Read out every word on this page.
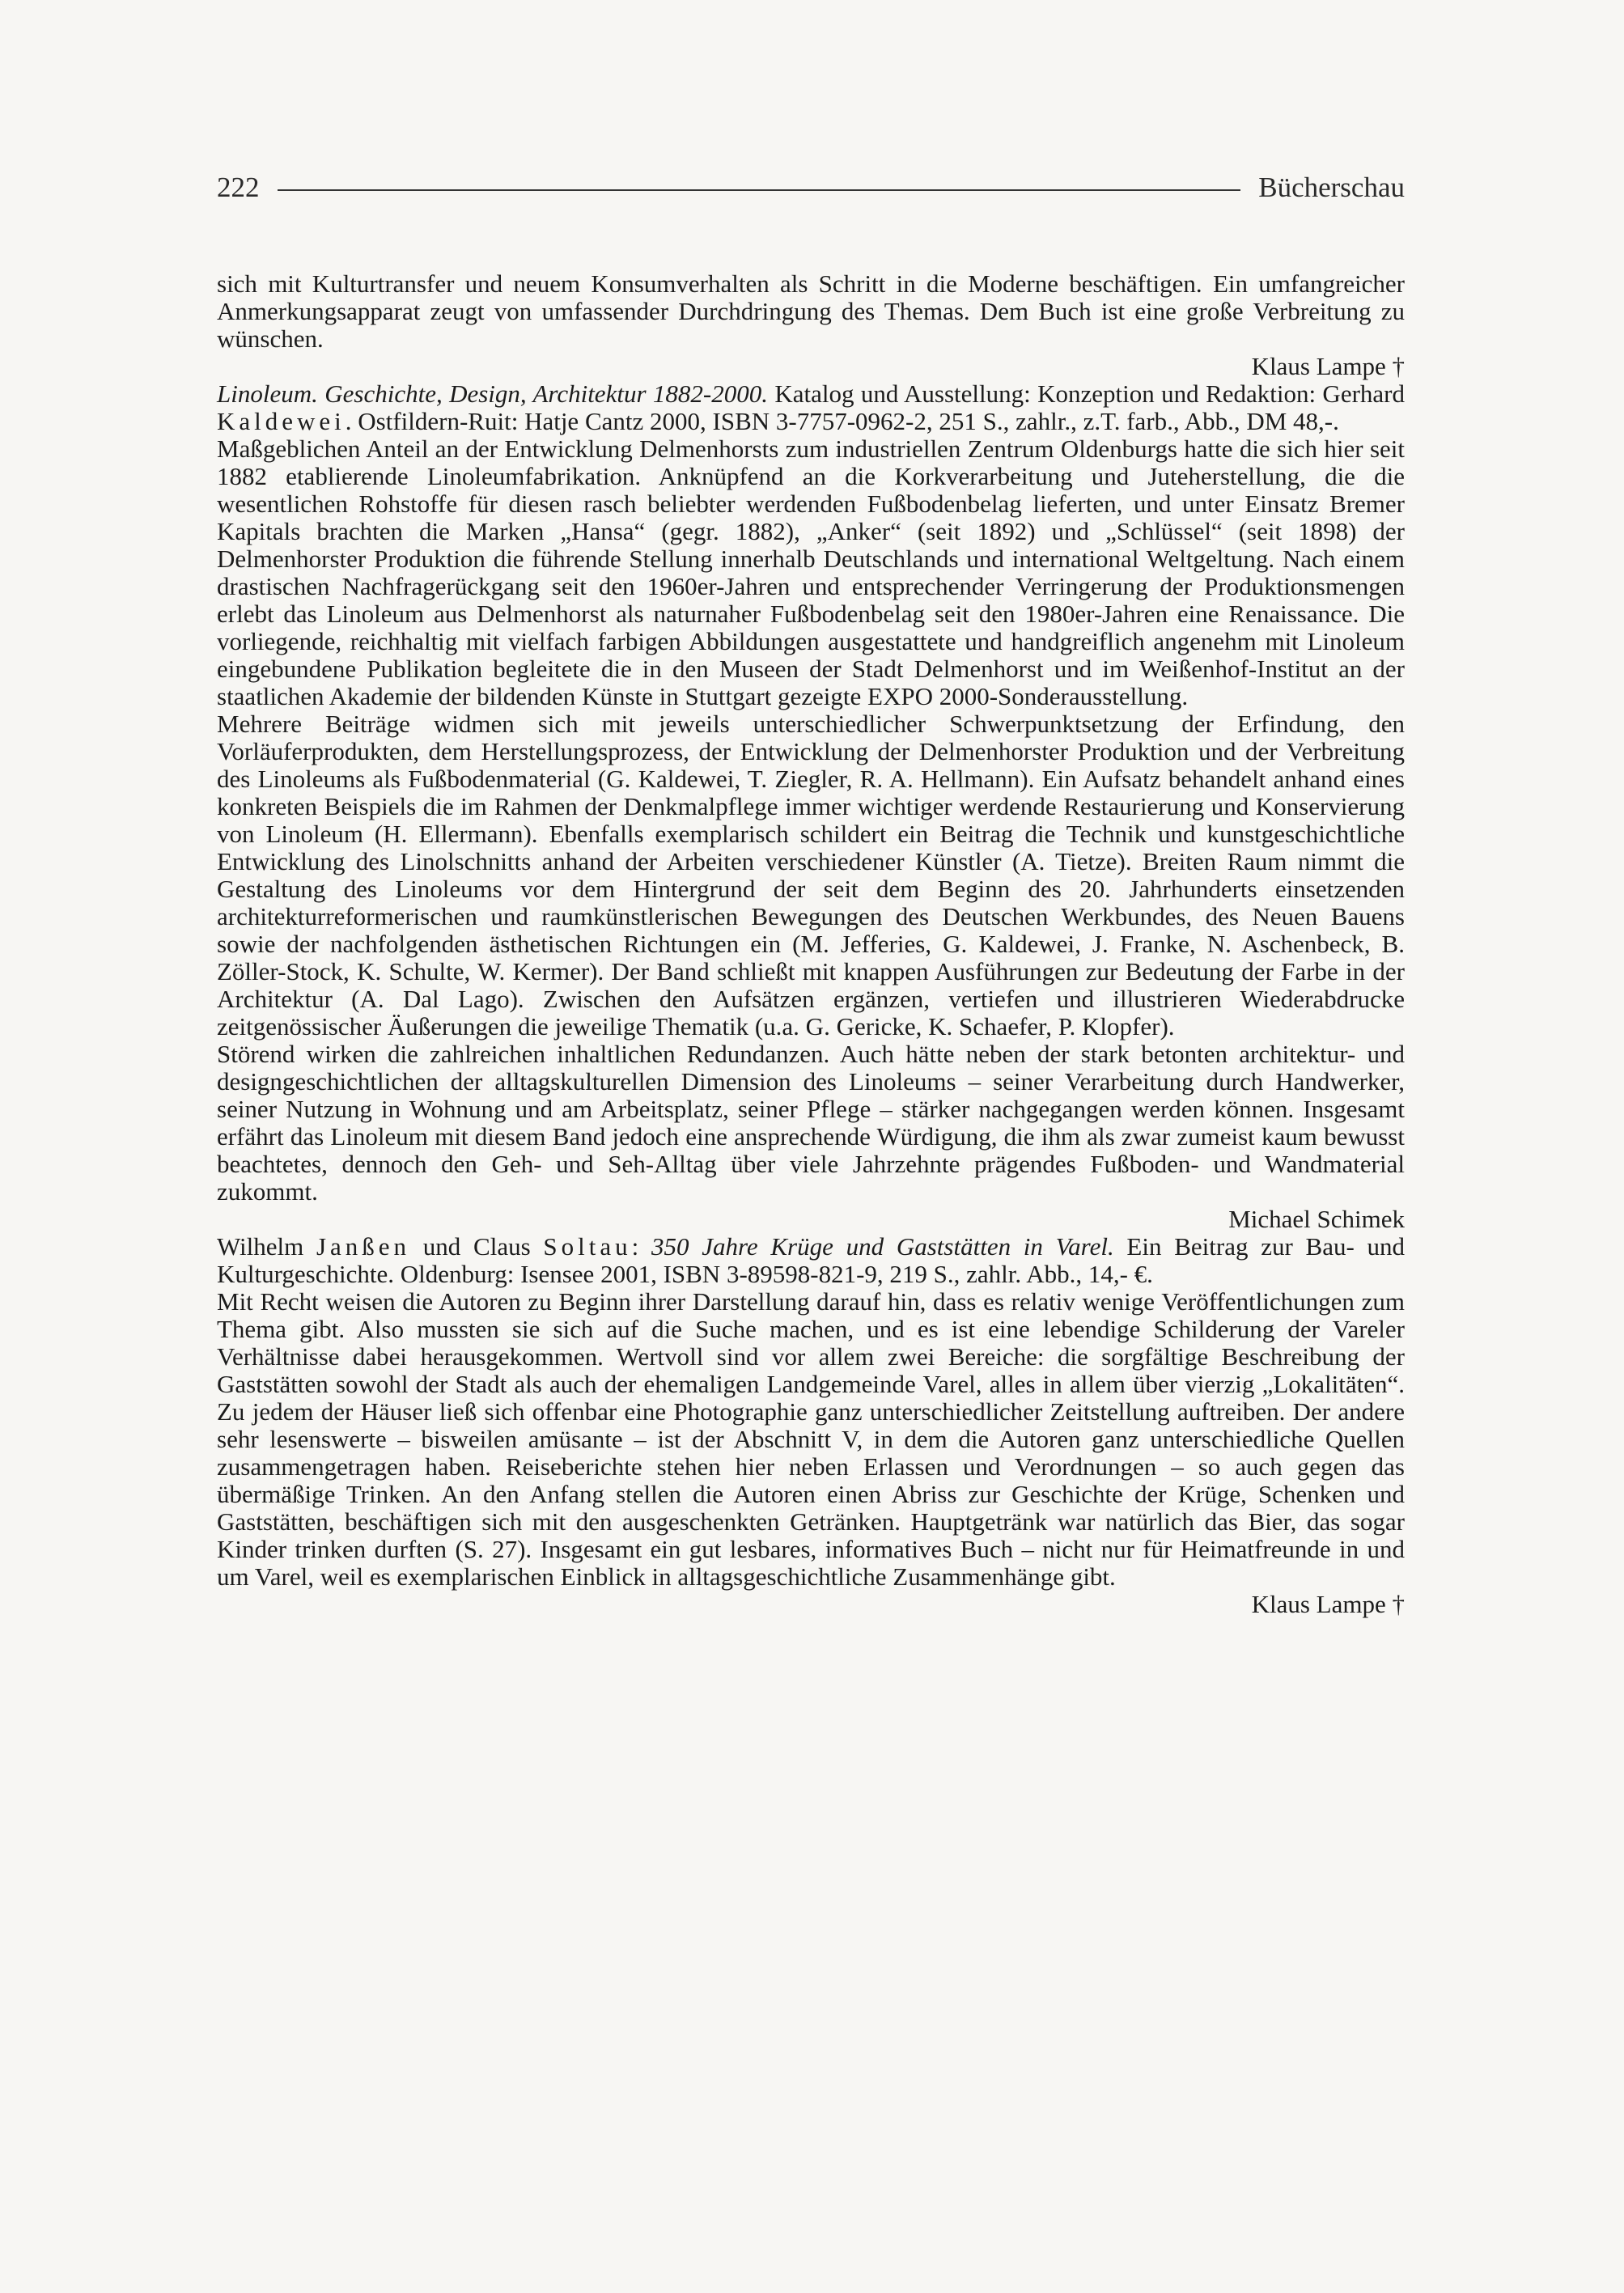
222	Bücherschau

sich mit Kulturtransfer und neuem Konsumverhalten als Schritt in die Moderne beschäftigen. Ein umfangreicher Anmerkungsapparat zeugt von umfassender Durchdringung des Themas. Dem Buch ist eine große Verbreitung zu wünschen.

Klaus Lampe †

Linoleum. Geschichte, Design, Architektur 1882-2000. Katalog und Ausstellung: Konzeption und Redaktion: Gerhard Kaldewei. Ostfildern-Ruit: Hatje Cantz 2000, ISBN 3-7757-0962-2, 251 S., zahlr., z.T. farb., Abb., DM 48,-.

Maßgeblichen Anteil an der Entwicklung Delmenhorsts zum industriellen Zentrum Oldenburgs hatte die sich hier seit 1882 etablierende Linoleumfabrikation. Anknüpfend an die Korkverarbeitung und Juteherstellung, die die wesentlichen Rohstoffe für diesen rasch beliebter werdenden Fußbodenbelag lieferten, und unter Einsatz Bremer Kapitals brachten die Marken „Hansa“ (gegr. 1882), „Anker“ (seit 1892) und „Schlüssel“ (seit 1898) der Delmenhorster Produktion die führende Stellung innerhalb Deutschlands und international Weltgeltung. Nach einem drastischen Nachfragerückgang seit den 1960er-Jahren und entsprechender Verringerung der Produktionsmengen erlebt das Linoleum aus Delmenhorst als naturnaher Fußbodenbelag seit den 1980er-Jahren eine Renaissance. Die vorliegende, reichhaltig mit vielfach farbigen Abbildungen ausgestattete und handgreiflich angenehm mit Linoleum eingebundene Publikation begleitete die in den Museen der Stadt Delmenhorst und im Weißenhof-Institut an der staatlichen Akademie der bildenden Künste in Stuttgart gezeigte EXPO 2000-Sonderausstellung.

Mehrere Beiträge widmen sich mit jeweils unterschiedlicher Schwerpunktsetzung der Erfindung, den Vorläuferprodukten, dem Herstellungsprozess, der Entwicklung der Delmenhorster Produktion und der Verbreitung des Linoleums als Fußbodenmaterial (G. Kaldewei, T. Ziegler, R. A. Hellmann). Ein Aufsatz behandelt anhand eines konkreten Beispiels die im Rahmen der Denkmalpflege immer wichtiger werdende Restaurierung und Konservierung von Linoleum (H. Ellermann). Ebenfalls exemplarisch schildert ein Beitrag die Technik und kunstgeschichtliche Entwicklung des Linolschnitts anhand der Arbeiten verschiedener Künstler (A. Tietze). Breiten Raum nimmt die Gestaltung des Linoleums vor dem Hintergrund der seit dem Beginn des 20. Jahrhunderts einsetzenden architekturreformerischen und raumkünstlerischen Bewegungen des Deutschen Werkbundes, des Neuen Bauens sowie der nachfolgenden ästhetischen Richtungen ein (M. Jefferies, G. Kaldewei, J. Franke, N. Aschenbeck, B. Zöller-Stock, K. Schulte, W. Kermer). Der Band schließt mit knappen Ausführungen zur Bedeutung der Farbe in der Architektur (A. Dal Lago). Zwischen den Aufsätzen ergänzen, vertiefen und illustrieren Wiederabdrucke zeitgenössischer Äußerungen die jeweilige Thematik (u.a. G. Gericke, K. Schaefer, P. Klopfer).

Störend wirken die zahlreichen inhaltlichen Redundanzen. Auch hätte neben der stark betonten architektur- und designgeschichtlichen der alltagskulturellen Dimension des Linoleums – seiner Verarbeitung durch Handwerker, seiner Nutzung in Wohnung und am Arbeitsplatz, seiner Pflege – stärker nachgegangen werden können. Insgesamt erfährt das Linoleum mit diesem Band jedoch eine ansprechende Würdigung, die ihm als zwar zumeist kaum bewusst beachtetes, dennoch den Geh- und Seh-Alltag über viele Jahrzehnte prägendes Fußboden- und Wandmaterial zukommt.

Michael Schimek

Wilhelm Janßen und Claus Soltau: 350 Jahre Krüge und Gaststätten in Varel. Ein Beitrag zur Bau- und Kulturgeschichte. Oldenburg: Isensee 2001, ISBN 3-89598-821-9, 219 S., zahlr. Abb., 14,- €.

Mit Recht weisen die Autoren zu Beginn ihrer Darstellung darauf hin, dass es relativ wenige Veröffentlichungen zum Thema gibt. Also mussten sie sich auf die Suche machen, und es ist eine lebendige Schilderung der Vareler Verhältnisse dabei herausgekommen. Wertvoll sind vor allem zwei Bereiche: die sorgfältige Beschreibung der Gaststätten sowohl der Stadt als auch der ehemaligen Landgemeinde Varel, alles in allem über vierzig „Lokalitäten“. Zu jedem der Häuser ließ sich offenbar eine Photographie ganz unterschiedlicher Zeitstellung auftreiben. Der andere sehr lesenswerte – bisweilen amüsante – ist der Abschnitt V, in dem die Autoren ganz unterschiedliche Quellen zusammengetragen haben. Reiseberichte stehen hier neben Erlassen und Verordnungen – so auch gegen das übermäßige Trinken. An den Anfang stellen die Autoren einen Abriss zur Geschichte der Krüge, Schenken und Gaststätten, beschäftigen sich mit den ausgeschenkten Getränken. Hauptgetränk war natürlich das Bier, das sogar Kinder trinken durften (S. 27). Insgesamt ein gut lesbares, informatives Buch – nicht nur für Heimatfreunde in und um Varel, weil es exemplarischen Einblick in alltagsgeschichtliche Zusammenhänge gibt.

Klaus Lampe †
